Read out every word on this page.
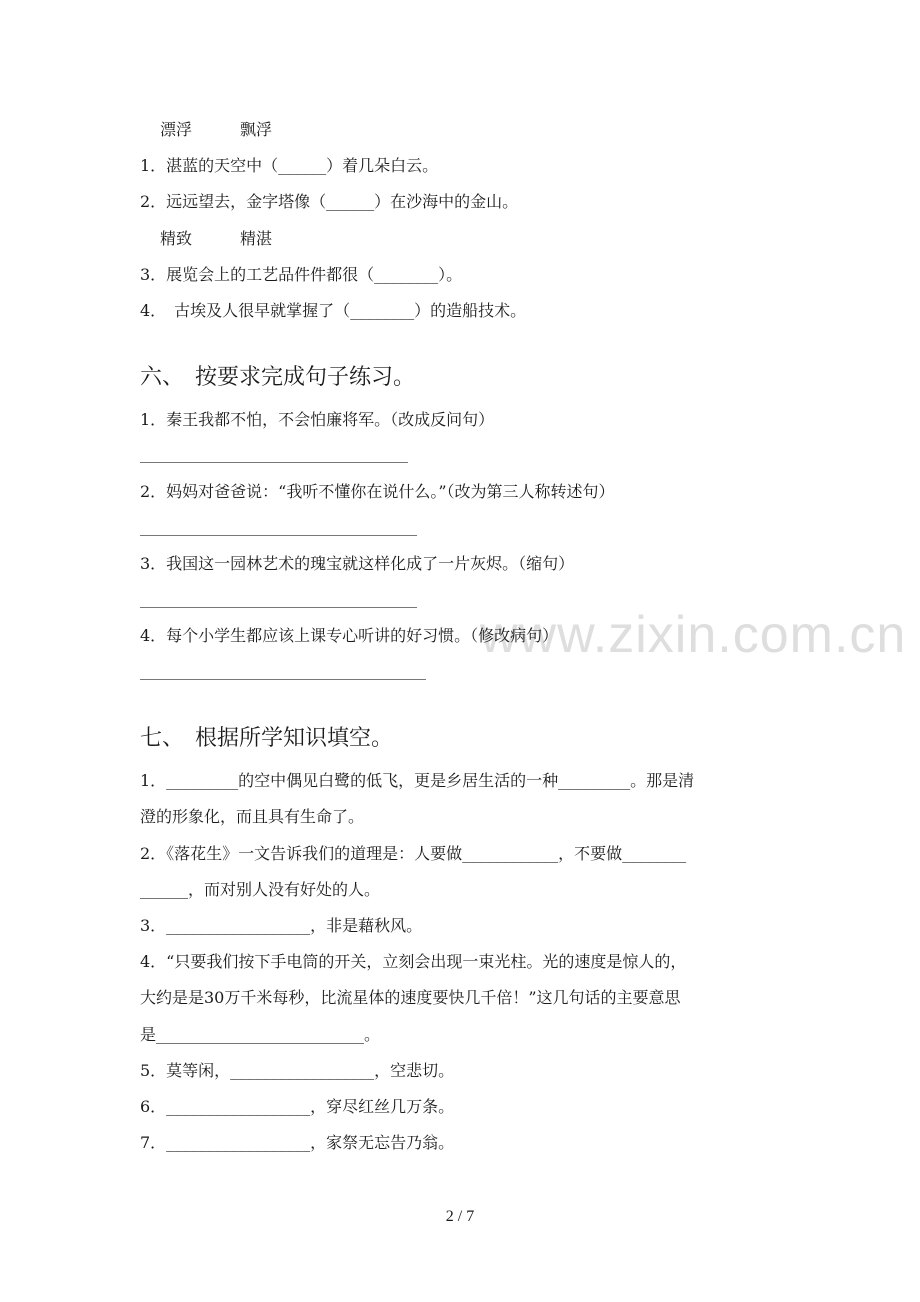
www.zixin.com.cn
漂浮　　　飘浮
1．湛蓝的天空中（______）着几朵白云。
2．远远望去，金字塔像（______）在沙海中的金山。
精致　　　精湛
3．展览会上的工艺品件件都很（________）。
4．　古埃及人很早就掌握了（________）的造船技术。
六、　按要求完成句子练习。
1．秦王我都不怕，不会怕廉将军。（改成反问句）
2．妈妈对爸爸说：“我听不懂你在说什么。”（改为第三人称转述句）
3．我国这一园林艺术的瑰宝就这样化成了一片灰烬。（缩句）
4．每个小学生都应该上课专心听讲的好习惯。（修改病句）
七、　根据所学知识填空。
1．_________的空中偶见白鹭的低飞，更是乡居生活的一种_________。那是清
澄的形象化，而且具有生命了。
2．《落花生》一文告诉我们的道理是：人要做____________，不要做________
______，而对别人没有好处的人。
3．__________________，非是藉秋风。
4．“只要我们按下手电筒的开关，立刻会出现一束光柱。光的速度是惊人的，
大约是是30万千米每秒，比流星体的速度要快几千倍！”这几句话的主要意思
是__________________________。
5．莫等闲，__________________，空悲切。
6．__________________，穿尽红丝几万条。
7．__________________，家祭无忘告乃翁。
2 / 7
